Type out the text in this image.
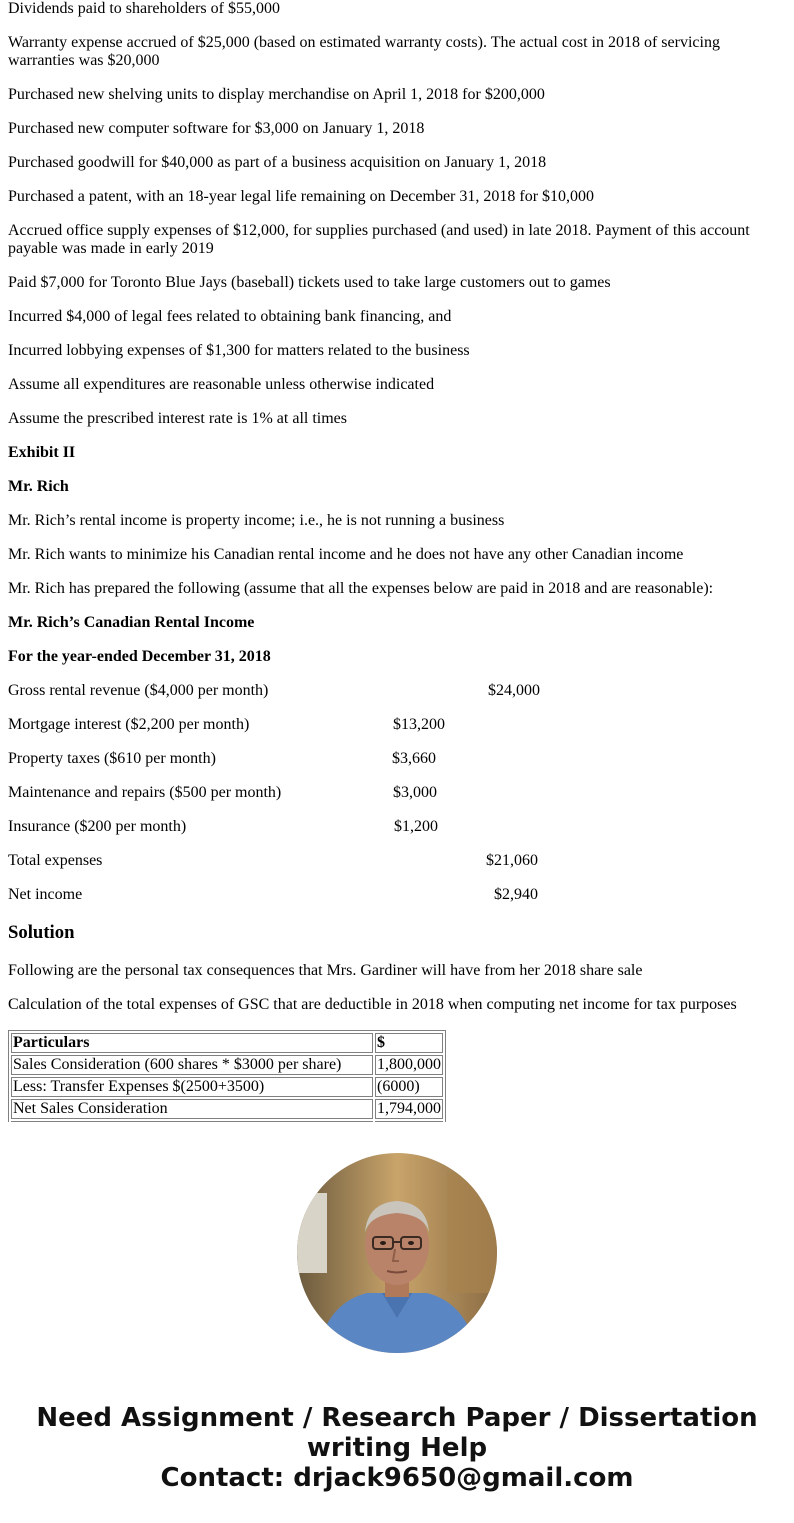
Dividends paid to shareholders of $55,000

Warranty expense accrued of $25,000 (based on estimated warranty costs). The actual cost in 2018 of servicing warranties was $20,000

Purchased new shelving units to display merchandise on April 1, 2018 for $200,000

Purchased new computer software for $3,000 on January 1, 2018

Purchased goodwill for $40,000 as part of a business acquisition on January 1, 2018

Purchased a patent, with an 18-year legal life remaining on December 31, 2018 for $10,000

Accrued office supply expenses of $12,000, for supplies purchased (and used) in late 2018. Payment of this account payable was made in early 2019

Paid $7,000 for Toronto Blue Jays (baseball) tickets used to take large customers out to games

Incurred $4,000 of legal fees related to obtaining bank financing, and

Incurred lobbying expenses of $1,300 for matters related to the business

Assume all expenditures are reasonable unless otherwise indicated

Assume the prescribed interest rate is 1% at all times

Exhibit II

Mr. Rich

Mr. Rich’s rental income is property income; i.e., he is not running a business

Mr. Rich wants to minimize his Canadian rental income and he does not have any other Canadian income

Mr. Rich has prepared the following (assume that all the expenses below are paid in 2018 and are reasonable):

Mr. Rich’s Canadian Rental Income

For the year-ended December 31, 2018

Gross rental revenue ($4,000 per month)	$24,000
Mortgage interest ($2,200 per month)	$13,200
Property taxes ($610 per month)	$3,660
Maintenance and repairs ($500 per month)	$3,000
Insurance ($200 per month)	$1,200
Total expenses	$21,060
Net income	$2,940
Solution

Following are the personal tax consequences that Mrs. Gardiner will have from her 2018 share sale

Calculation of the total expenses of GSC that are deductible in 2018 when computing net income for tax purposes

Particulars	$
Sales Consideration (600 shares * $3000 per share)	1,800,000
Less: Transfer Expenses $(2500+3500)	(6000)
Net Sales Consideration	1,794,000

Need Assignment / Research Paper / Dissertation
writing Help
Contact: drjack9650@gmail.com
